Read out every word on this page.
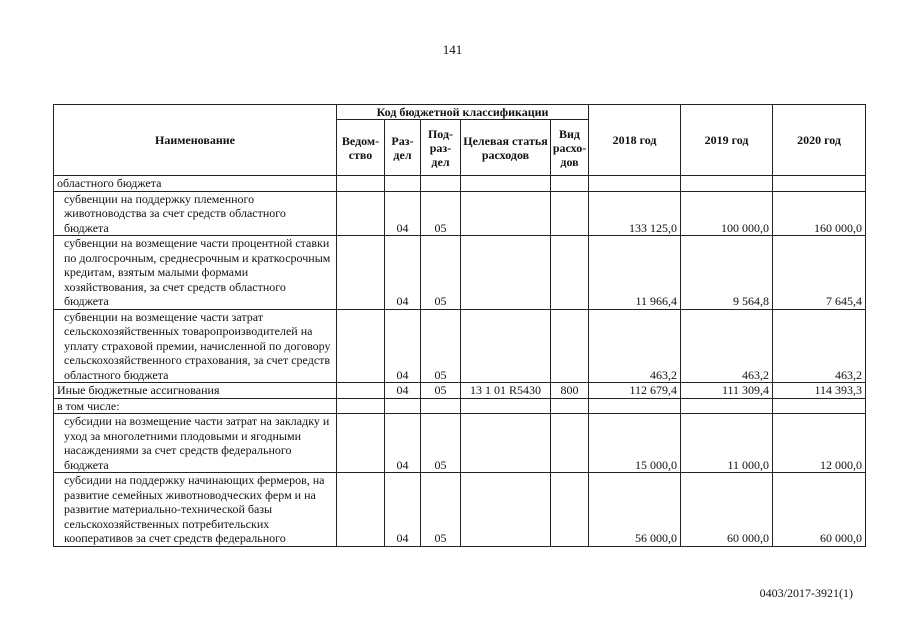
141
Наименование	Код бюджетной классификации					2018 год	2019 год	2020 год
	Ведом-ство	Раз-дел	Под-раз-дел	Целевая статья расходов	Вид расхо-дов			
областного бюджета								
субвенции на поддержку племенного животноводства за счет средств областного бюджета		04	05			133 125,0	100 000,0	160 000,0
субвенции на возмещение части процентной ставки по долгосрочным, среднесрочным и краткосрочным кредитам, взятым малыми формами хозяйствования, за счет средств областного бюджета		04	05			11 966,4	9 564,8	7 645,4
субвенции на возмещение части затрат сельскохозяйственных товаропроизводителей на уплату страховой премии, начисленной по договору сельскохозяйственного страхования, за счет средств областного бюджета		04	05			463,2	463,2	463,2
Иные бюджетные ассигнования		04	05	13 1 01 R5430	800	112 679,4	111 309,4	114 393,3
в том числе:								
субсидии на возмещение части затрат на закладку и уход за многолетними плодовыми и ягодными насаждениями за счет средств федерального бюджета		04	05			15 000,0	11 000,0	12 000,0
субсидии на поддержку начинающих фермеров, на развитие семейных животноводческих ферм и на развитие материально-технической базы сельскохозяйственных потребительских кооперативов за счет средств федерального		04	05			56 000,0	60 000,0	60 000,0
0403/2017-3921(1)
